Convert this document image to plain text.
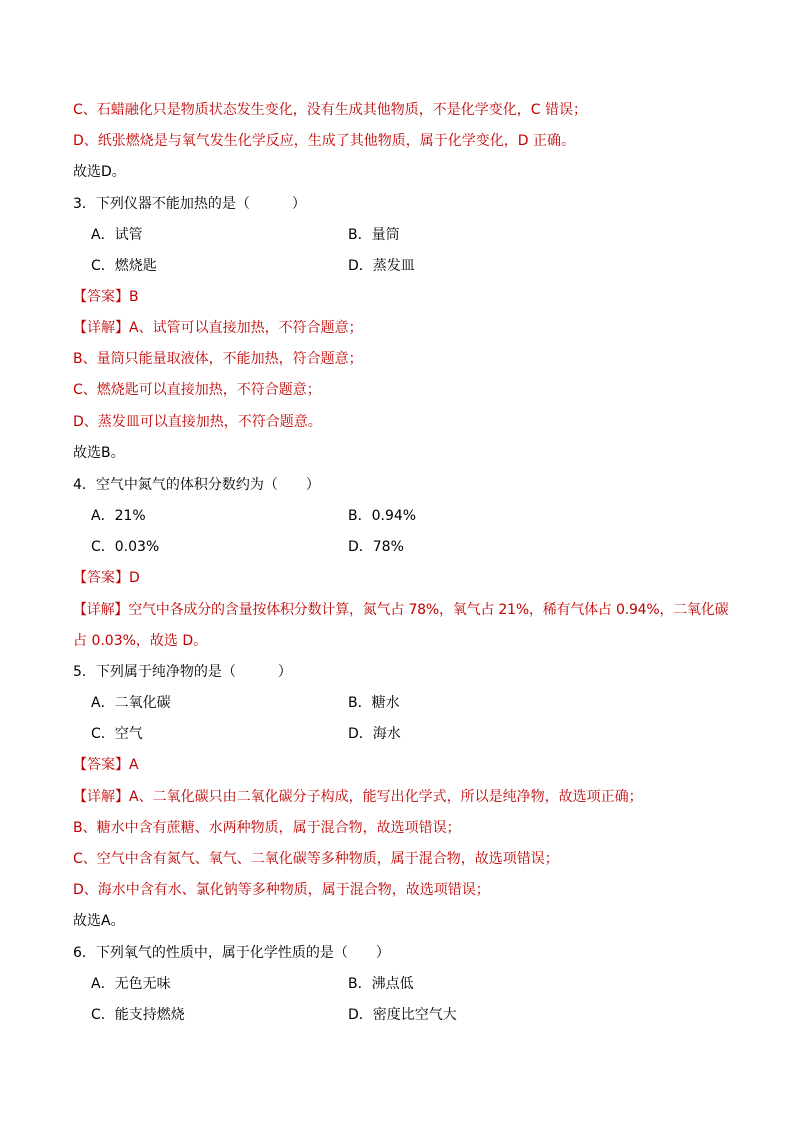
C、石蜡融化只是物质状态发生变化，没有生成其他物质，不是化学变化，C 错误；
D、纸张燃烧是与氧气发生化学反应，生成了其他物质，属于化学变化，D 正确。
故选D。
3．下列仪器不能加热的是（　　　）
A．试管	B．量筒
C．燃烧匙	D．蒸发皿
【答案】B
【详解】A、试管可以直接加热，不符合题意；
B、量筒只能量取液体，不能加热，符合题意；
C、燃烧匙可以直接加热，不符合题意；
D、蒸发皿可以直接加热，不符合题意。
故选B。
4．空气中氮气的体积分数约为（　　）
A．21%	B．0.94%
C．0.03%	D．78%
【答案】D
【详解】空气中各成分的含量按体积分数计算，氮气占 78%，氧气占 21%，稀有气体占 0.94%，二氧化碳
占 0.03%，故选 D。
5．下列属于纯净物的是（　　　）
A．二氧化碳	B．糖水
C．空气	D．海水
【答案】A
【详解】A、二氧化碳只由二氧化碳分子构成，能写出化学式，所以是纯净物，故选项正确；
B、糖水中含有蔗糖、水两种物质，属于混合物，故选项错误；
C、空气中含有氮气、氧气、二氧化碳等多种物质，属于混合物，故选项错误；
D、海水中含有水、氯化钠等多种物质，属于混合物，故选项错误；
故选A。
6．下列氧气的性质中，属于化学性质的是（　　）
A．无色无味	B．沸点低
C．能支持燃烧	D．密度比空气大
